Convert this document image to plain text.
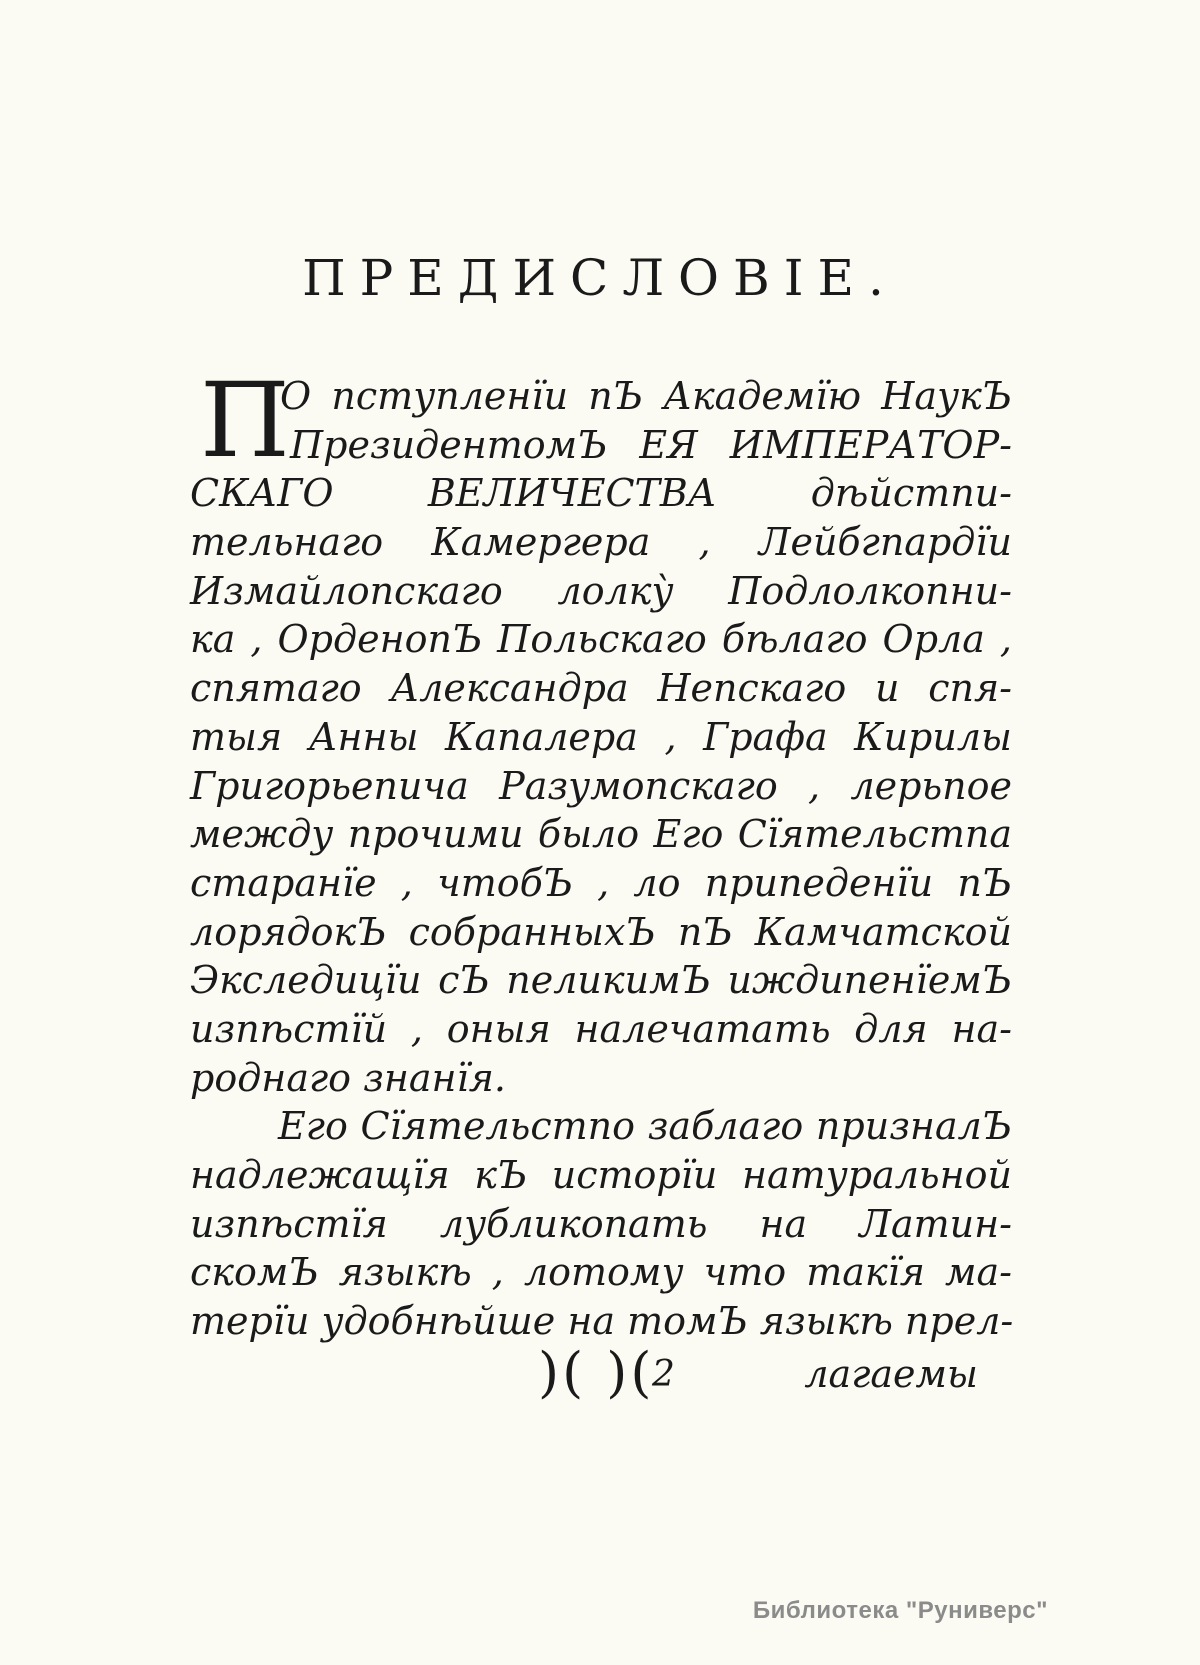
ПРЕДИСЛОВІЕ.
П
О пступленїи пЪ Академїю НаукЪ
ПрезидентомЪ ЕЯ ИМПЕРАТОР-
СКАГО ВЕЛИЧЕСТВА дѣйстпи-
тельнаго Камергера , Лейбгпардїи
Измайлопскаго лолку̀ Подлолкопни-
ка , ОрденопЪ Польскаго бѣлаго Орла ,
спятаго Александра Непскаго и спя-
тыя Анны Капалера , Графа Кирилы
Григорьепича Разумопскаго , лерьпое
между прочими было Его Сїятельстпа
старанїе , чтобЪ , ло припеденїи пЪ
лорядокЪ собранныхЪ пЪ Камчатской
Экследицїи сЪ пеликимЪ иждипенїемЪ
изпѣстїй , оныя налечатать для на-
роднаго знанїя.
Его Сїятельстпо заблаго призналЪ
надлежащїя кЪ исторїи натуральной
изпѣстїя лубликопать на Латин-
скомЪ языкѣ , лотому что такїя ма-
терїи удобнѣйше на томЪ языкѣ прел-
)( )(
2	лагаемы
Библиотека "Руниверс"
